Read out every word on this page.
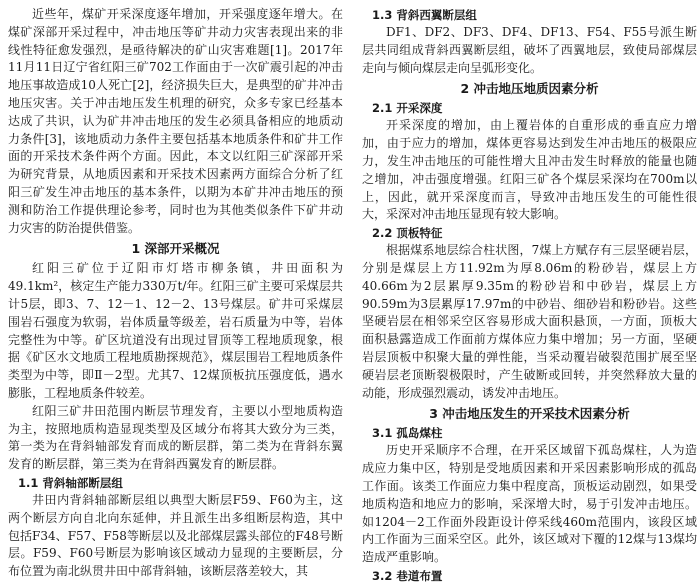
近些年，煤矿开采深度逐年增加，开采强度逐年增大。在煤矿深部开采过程中，冲击地压等矿井动力灾害表现出来的非线性特征愈发强烈，是亟待解决的矿山灾害难题[1]。2017年11月11日辽宁省红阳三矿702工作面由于一次矿震引起的冲击地压事故造成10人死亡[2]，经济损失巨大，是典型的矿井冲击地压灾害。关于冲击地压发生机理的研究，众多专家已经基本达成了共识，认为矿井冲击地压的发生必须具备相应的地质动力条件[3]，该地质动力条件主要包括基本地质条件和矿井工作面的开采技术条件两个方面。因此，本文以红阳三矿深部开采为研究背景，从地质因素和开采技术因素两方面综合分析了红阳三矿发生冲击地压的基本条件，以期为本矿井冲击地压的预测和防治工作提供理论参考，同时也为其他类似条件下矿井动力灾害的防治提供借鉴。

1 深部开采概况

红阳三矿位于辽阳市灯塔市柳条镇，井田面积为49.1km²，核定生产能力330万t/年。红阳三矿主要可采煤层共计5层，即3、7、12－1、12－2、13号煤层。矿井可采煤层围岩石强度为软弱，岩体质量等级差，岩石质量为中等，岩体完整性为中等。矿区坑道没有出现过冒顶等工程地质现象，根据《矿区水文地质工程地质勘探规范》，煤层围岩工程地质条件类型为中等，即Ⅱ－2型。尤其7、12煤顶板抗压强度低，遇水膨胀，工程地质条件较差。

红阳三矿井田范围内断层节理发育，主要以小型地质构造为主，按照地质构造显现类型及区域分布将其大致分为三类，第一类为在背斜轴部发育而成的断层群，第二类为在背斜东翼发育的断层群，第三类为在背斜西翼发育的断层群。

1.1 背斜轴部断层组

井田内背斜轴部断层组以典型大断层F59、F60为主，这两个断层方向自北向东延伸，并且派生出多组断层构造，其中包括F34、F57、F58等断层以及北部煤层露头部位的F48号断层。F59、F60号断层为影响该区域动力显现的主要断层，分布位置为南北纵贯井田中部背斜轴，该断层落差较大，其

1.3 背斜西翼断层组

DF1、DF2、DF3、DF4、DF13、F54、F55号派生断层共同组成背斜西翼断层组，破坏了西翼地层，致使局部煤层走向与倾向煤层走向呈弧形变化。

2 冲击地压地质因素分析
2.1 开采深度

开采深度的增加，由上覆岩体的自重形成的垂直应力增加，由于应力的增加，煤体更容易达到发生冲击地压的极限应力，发生冲击地压的可能性增大且冲击发生时释放的能量也随之增加，冲击强度增强。红阳三矿各个煤层采深均在700m以上，因此，就开采深度而言，导致冲击地压发生的可能性很大，采深对冲击地压显现有较大影响。

2.2 顶板特征

根据煤系地层综合柱状图，7煤上方赋存有三层坚硬岩层，分别是煤层上方11.92m为厚8.06m的粉砂岩，煤层上方40.66m为2层累厚9.35m的粉砂岩和中砂岩，煤层上方90.59m为3层累厚17.97m的中砂岩、细砂岩和粉砂岩。这些坚硬岩层在相邻采空区容易形成大面积悬顶，一方面，顶板大面积悬露造成工作面前方煤体应力集中增加；另一方面，坚硬岩层顶板中积聚大量的弹性能，当采动覆岩破裂范围扩展至坚硬岩层老顶断裂极限时，产生破断或回转，并突然释放大量的动能，形成强烈震动，诱发冲击地压。

3 冲击地压发生的开采技术因素分析
3.1 孤岛煤柱

历史开采顺序不合理，在开采区域留下孤岛煤柱，人为造成应力集中区，特别是受地质因素和开采因素影响形成的孤岛工作面。该类工作面应力集中程度高，顶板运动剧烈，如果受地质构造和地应力的影响，采深增大时，易于引发冲击地压。如1204－2工作面外段距设计停采线460m范围内，该段区域内工作面为三面采空区。此外，该区域对下覆的12煤与13煤均造成严重影响。

3.2 巷道布置
